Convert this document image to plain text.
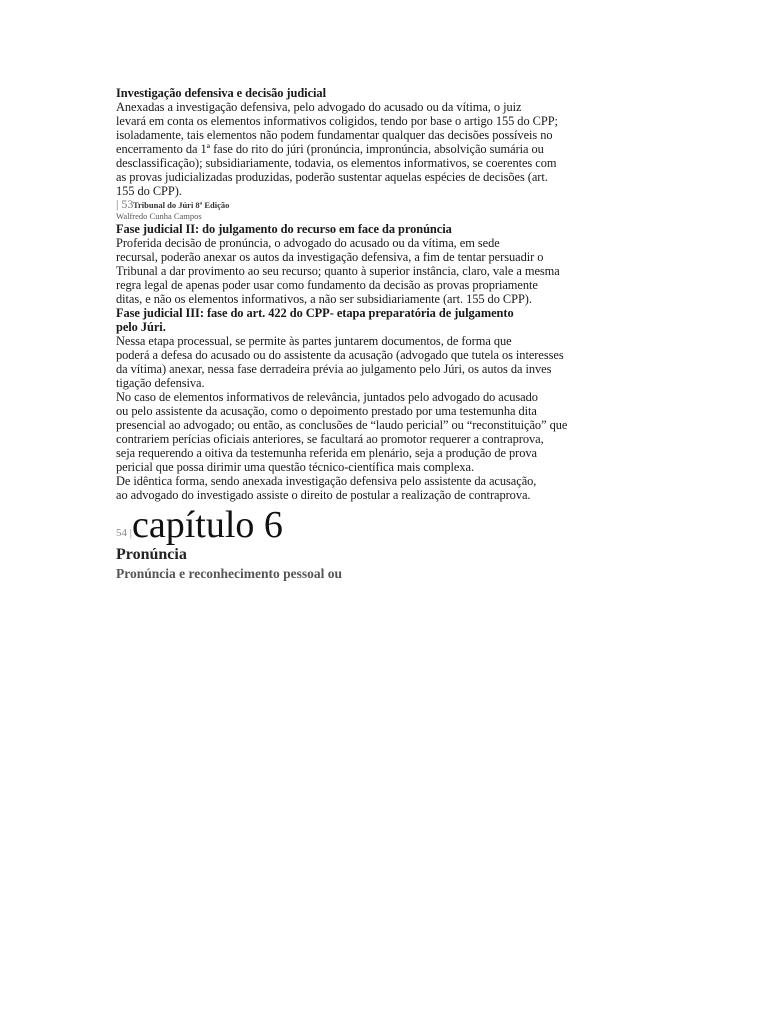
Investigação defensiva e decisão judicial
Anexadas a investigação defensiva, pelo advogado do acusado ou da vítima, o juiz
levará em conta os elementos informativos coligidos, tendo por base o artigo 155 do CPP;
isoladamente, tais elementos não podem fundamentar qualquer das decisões possíveis no
encerramento da 1ª fase do rito do júri (pronúncia, impronúncia, absolvição sumária ou
desclassificação); subsidiariamente, todavia, os elementos informativos, se coerentes com
as provas judicializadas produzidas, poderão sustentar aquelas espécies de decisões (art.
155 do CPP).
| 53 Tribunal do Júri 8ª Edição
Walfredo Cunha Campos
Fase judicial II: do julgamento do recurso em face da pronúncia
Proferida decisão de pronúncia, o advogado do acusado ou da vítima, em sede
recursal, poderão anexar os autos da investigação defensiva, a fim de tentar persuadir o
Tribunal a dar provimento ao seu recurso; quanto à superior instância, claro, vale a mesma
regra legal de apenas poder usar como fundamento da decisão as provas propriamente
ditas, e não os elementos informativos, a não ser subsidiariamente (art. 155 do CPP).
Fase judicial III: fase do art. 422 do CPP- etapa preparatória de julgamento
pelo Júri.
Nessa etapa processual, se permite às partes juntarem documentos, de forma que
poderá a defesa do acusado ou do assistente da acusação (advogado que tutela os interesses
da vítima) anexar, nessa fase derradeira prévia ao julgamento pelo Júri, os autos da inves
tigação defensiva.
No caso de elementos informativos de relevância, juntados pelo advogado do acusado
ou pelo assistente da acusação, como o depoimento prestado por uma testemunha dita
presencial ao advogado; ou então, as conclusões de “laudo pericial” ou “reconstituição” que
contrariem perícias oficiais anteriores, se facultará ao promotor requerer a contraprova,
seja requerendo a oitiva da testemunha referida em plenário, seja a produção de prova
pericial que possa dirimir uma questão técnico-científica mais complexa.
De idêntica forma, sendo anexada investigação defensiva pelo assistente da acusação,
ao advogado do investigado assiste o direito de postular a realização de contraprova.
54 | capítulo 6
Pronúncia
Pronúncia e reconhecimento pessoal ou
